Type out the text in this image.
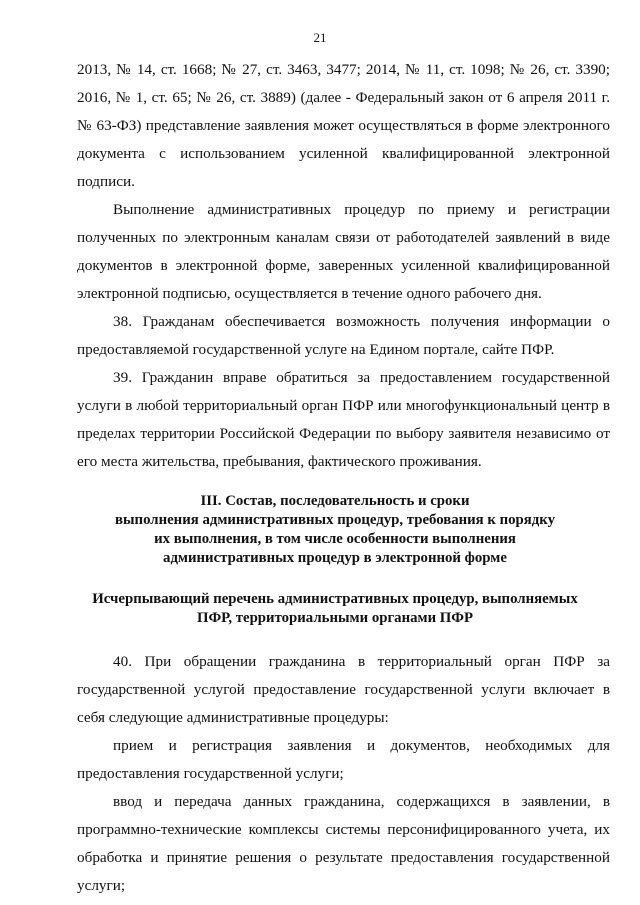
21
2013, № 14, ст. 1668; № 27, ст. 3463, 3477; 2014, № 11, ст. 1098; № 26, ст. 3390;
2016, № 1, ст. 65; № 26, ст. 3889) (далее - Федеральный закон от 6 апреля 2011 г.
№ 63-ФЗ) представление заявления может осуществляться в форме электронного
документа с использованием усиленной квалифицированной электронной
подписи.
Выполнение административных процедур по приему и регистрации
полученных по электронным каналам связи от работодателей заявлений в виде
документов в электронной форме, заверенных усиленной квалифицированной
электронной подписью, осуществляется в течение одного рабочего дня.
38. Гражданам обеспечивается возможность получения информации о
предоставляемой государственной услуге на Едином портале, сайте ПФР.
39. Гражданин вправе обратиться за предоставлением государственной
услуги в любой территориальный орган ПФР или многофункциональный центр в
пределах территории Российской Федерации по выбору заявителя независимо от
его места жительства, пребывания, фактического проживания.
III. Состав, последовательность и сроки
выполнения административных процедур, требования к порядку
их выполнения, в том числе особенности выполнения
административных процедур в электронной форме
Исчерпывающий перечень административных процедур, выполняемых
ПФР, территориальными органами ПФР
40. При обращении гражданина в территориальный орган ПФР за
государственной услугой предоставление государственной услуги включает в
себя следующие административные процедуры:
прием и регистрация заявления и документов, необходимых для
предоставления государственной услуги;
ввод и передача данных гражданина, содержащихся в заявлении, в
программно-технические комплексы системы персонифицированного учета, их
обработка и принятие решения о результате предоставления государственной
услуги;
